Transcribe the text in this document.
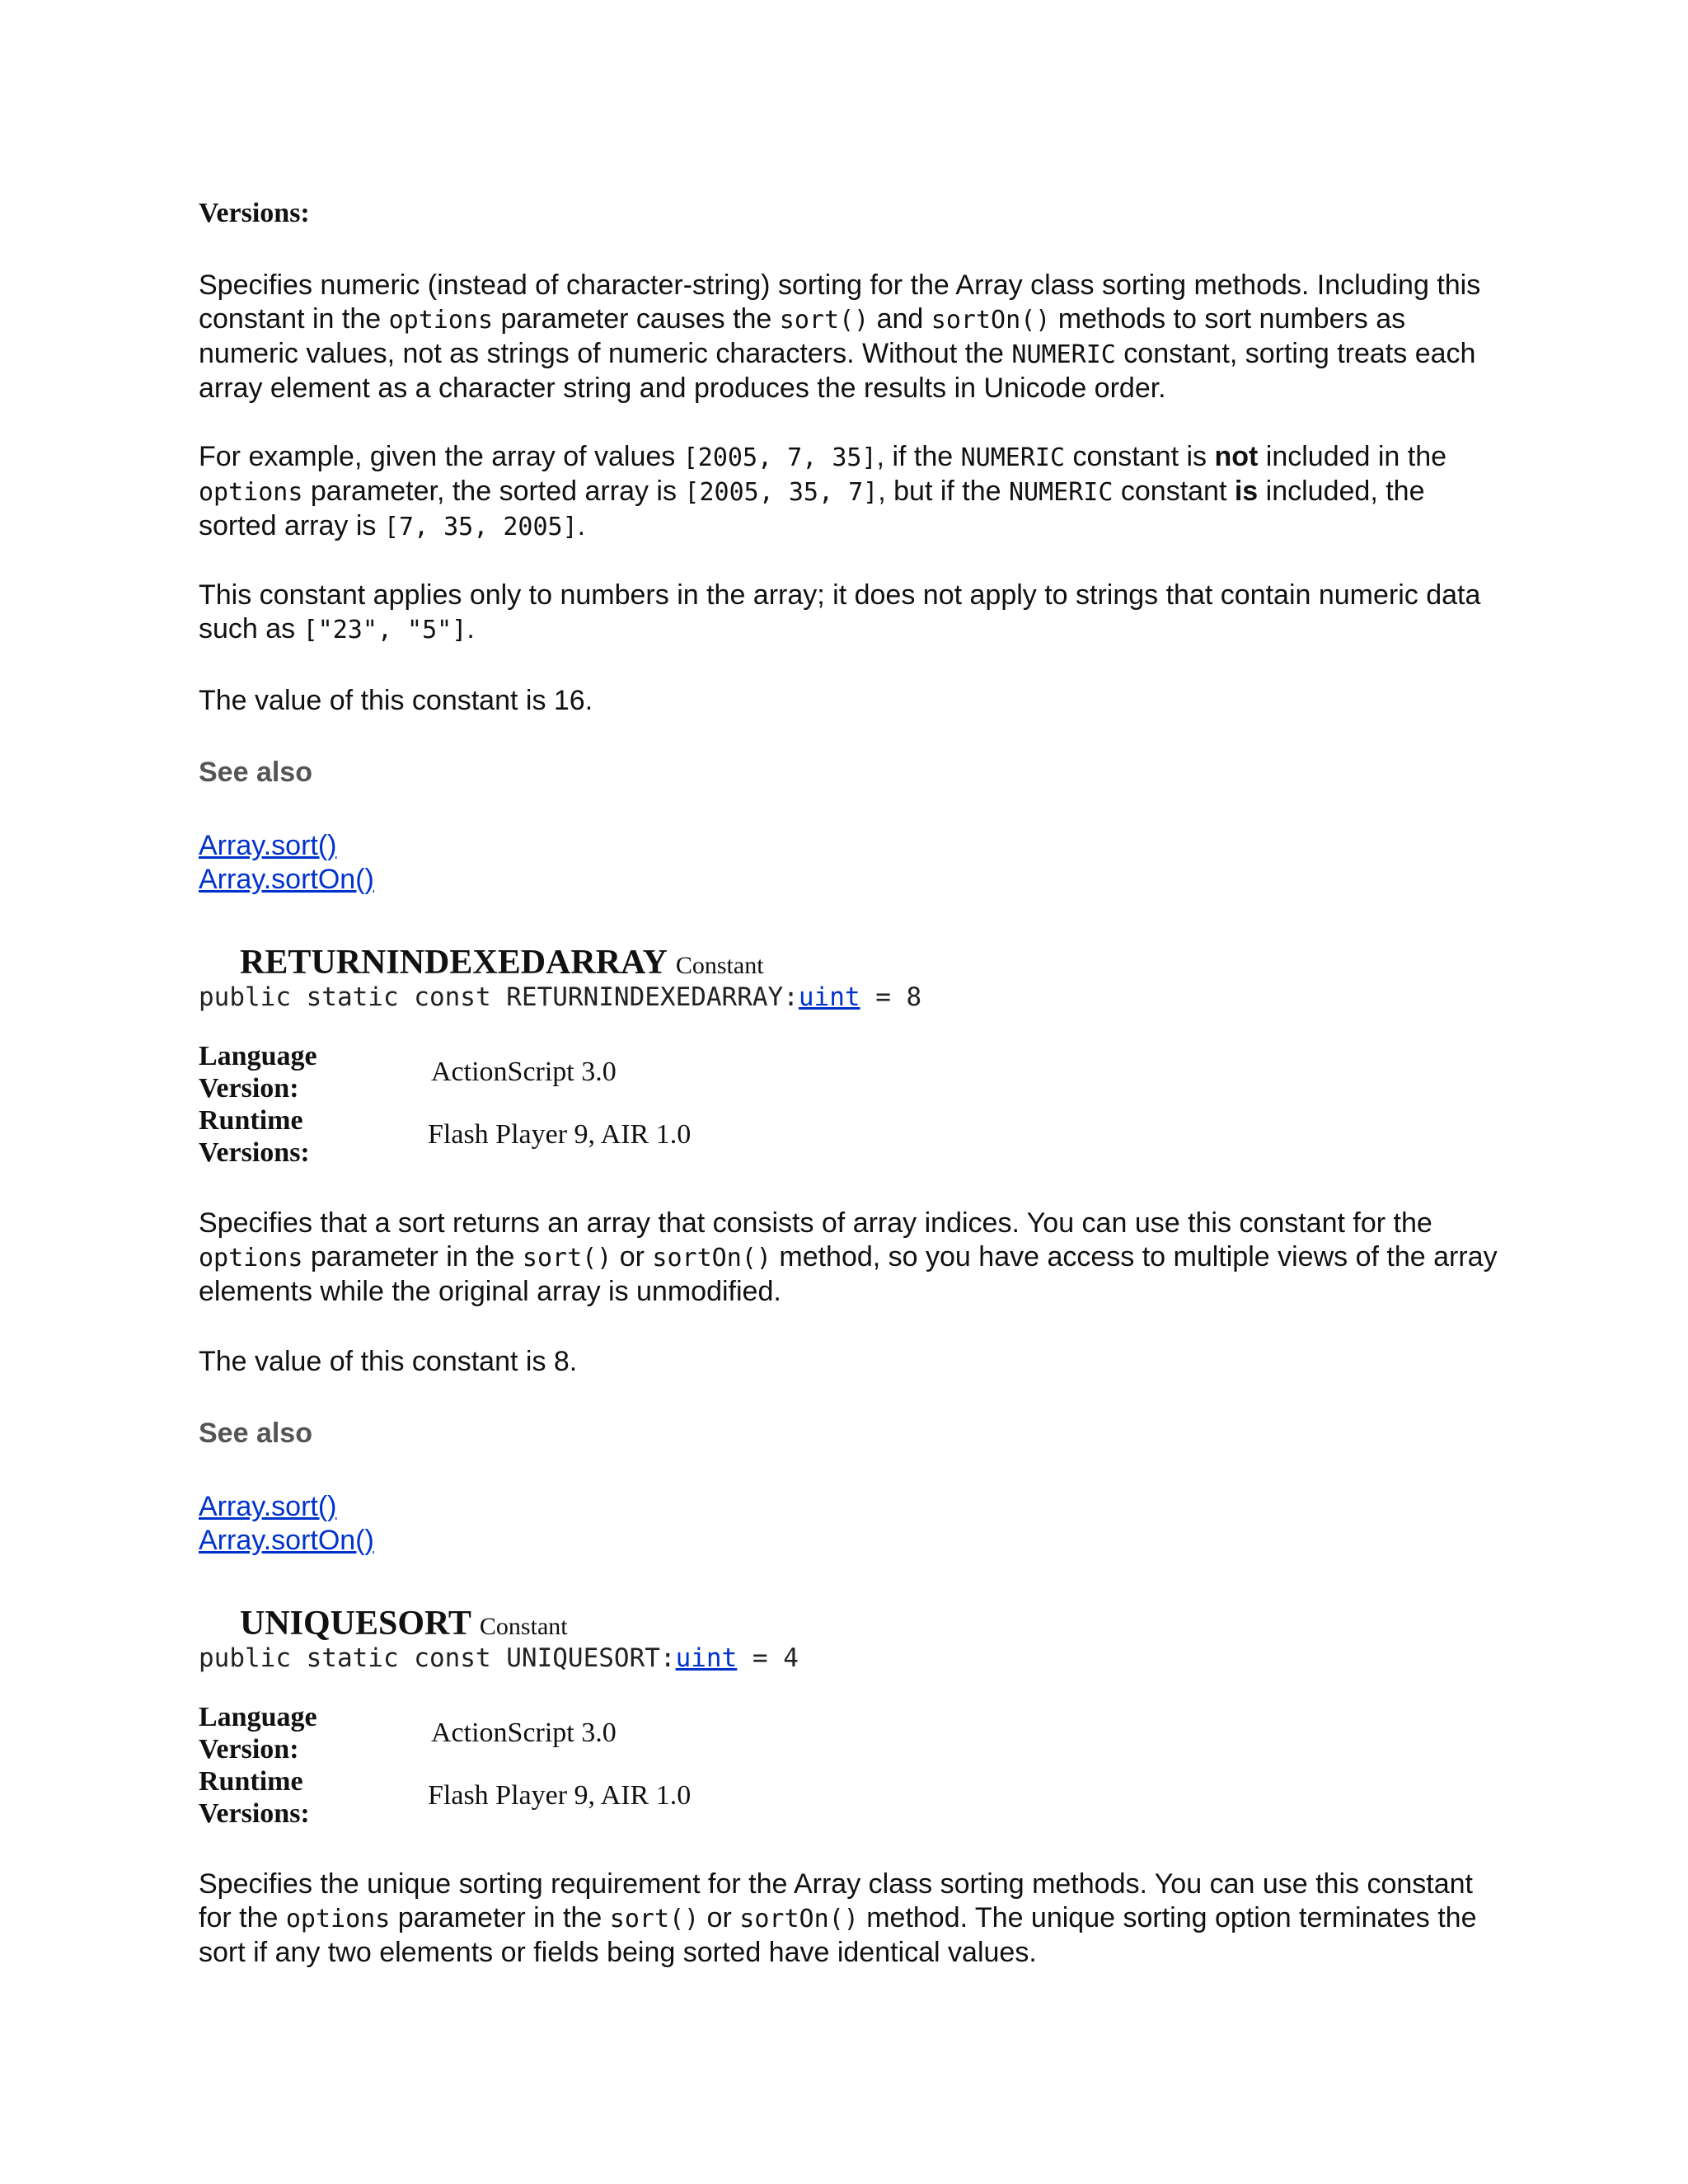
Versions:

Specifies numeric (instead of character-string) sorting for the Array class sorting methods. Including this constant in the options parameter causes the sort() and sortOn() methods to sort numbers as numeric values, not as strings of numeric characters. Without the NUMERIC constant, sorting treats each array element as a character string and produces the results in Unicode order.

For example, given the array of values [2005, 7, 35], if the NUMERIC constant is not included in the options parameter, the sorted array is [2005, 35, 7], but if the NUMERIC constant is included, the sorted array is [7, 35, 2005].

This constant applies only to numbers in the array; it does not apply to strings that contain numeric data such as ["23", "5"].

The value of this constant is 16.
See also
Array.sort()
Array.sortOn()
RETURNINDEXEDARRAY Constant
public static const RETURNINDEXEDARRAY:uint = 8
Language
Version:
ActionScript 3.0
Runtime
Versions:
Flash Player 9, AIR 1.0

Specifies that a sort returns an array that consists of array indices. You can use this constant for the options parameter in the sort() or sortOn() method, so you have access to multiple views of the array elements while the original array is unmodified.

The value of this constant is 8.
See also
Array.sort()
Array.sortOn()
UNIQUESORT Constant
public static const UNIQUESORT:uint = 4
Language
Version:
ActionScript 3.0
Runtime
Versions:
Flash Player 9, AIR 1.0

Specifies the unique sorting requirement for the Array class sorting methods. You can use this constant for the options parameter in the sort() or sortOn() method. The unique sorting option terminates the sort if any two elements or fields being sorted have identical values.
